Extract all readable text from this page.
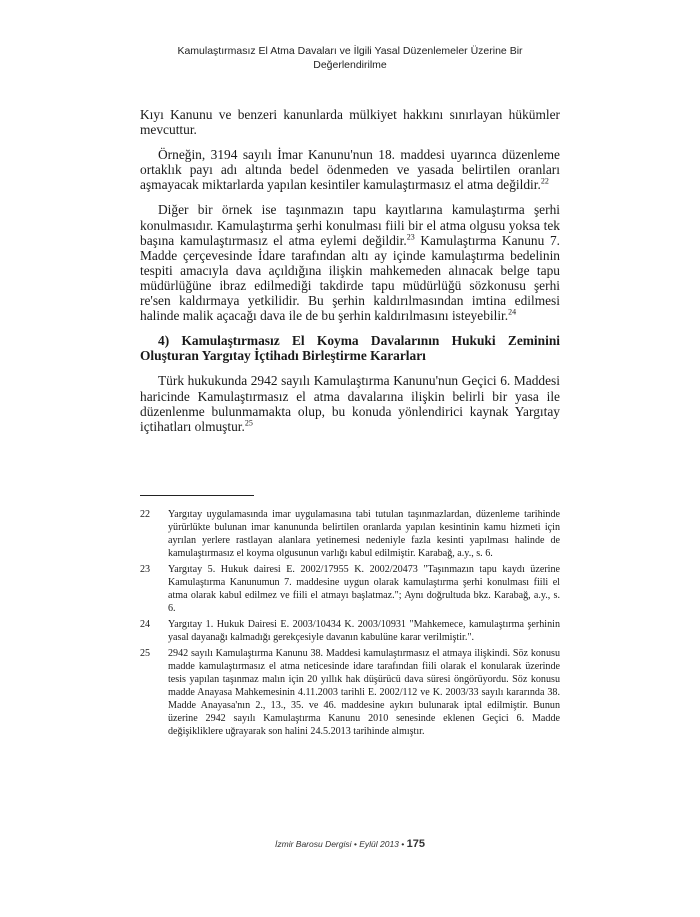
Kamulaştırmasız El Atma Davaları ve İlgili Yasal Düzenlemeler Üzerine Bir Değerlendirilme

Kıyı Kanunu ve benzeri kanunlarda mülkiyet hakkını sınırlayan hükümler mevcuttur.

Örneğin, 3194 sayılı İmar Kanunu'nun 18. maddesi uyarınca düzenleme ortaklık payı adı altında bedel ödenmeden ve yasada belirtilen oranları aşmayacak miktarlarda yapılan kesintiler kamulaştırmasız el atma değildir.$^{22}$

Diğer bir örnek ise taşınmazın tapu kayıtlarına kamulaştırma şerhi konulmasıdır. Kamulaştırma şerhi konulması fiili bir el atma olgusu yoksa tek başına kamulaştırmasız el atma eylemi değildir.$^{23}$ Kamulaştırma Kanunu 7. Madde çerçevesinde İdare tarafından altı ay içinde kamulaştırma bedelinin tespiti amacıyla dava açıldığına ilişkin mahkemeden alınacak belge tapu müdürlüğüne ibraz edilmediği takdirde tapu müdürlüğü sözkonusu şerhi re'sen kaldırmaya yetkilidir. Bu şerhin kaldırılmasından imtina edilmesi halinde malik açacağı dava ile de bu şerhin kaldırılmasını isteyebilir.$^{24}$

4) Kamulaştırmasız El Koyma Davalarının Hukuki Zeminini Oluşturan Yargıtay İçtihadı Birleştirme Kararları

Türk hukukunda 2942 sayılı Kamulaştırma Kanunu'nun Geçici 6. Maddesi haricinde Kamulaştırmasız el atma davalarına ilişkin belirli bir yasa ile düzenlenme bulunmamakta olup, bu konuda yönlendirici kaynak Yargıtay içtihatları olmuştur.$^{25}$

22	Yargıtay uygulamasında imar uygulamasına tabi tutulan taşınmazlardan, düzenleme tarihinde yürürlükte bulunan imar kanununda belirtilen oranlarda yapılan kesintinin kamu hizmeti için ayrılan yerlere rastlayan alanlara yetinemesi nedeniyle fazla kesinti yapılması halinde de kamulaştırmasız el koyma olgusunun varlığı kabul edilmiştir. Karabağ, a.y., s. 6.
23	Yargıtay 5. Hukuk dairesi E. 2002/17955 K. 2002/20473 "Taşınmazın tapu kaydı üzerine Kamulaştırma Kanunumun 7. maddesine uygun olarak kamulaştırma şerhi konulması fiili el atma olarak kabul edilmez ve fiili el atmayı başlatmaz."; Aynı doğrultuda bkz. Karabağ, a.y., s. 6.
24	Yargıtay 1. Hukuk Dairesi E. 2003/10434 K. 2003/10931 "Mahkemece, kamulaştırma şerhinin yasal dayanağı kalmadığı gerekçesiyle davanın kabulüne karar verilmiştir.".
25	2942 sayılı Kamulaştırma Kanunu 38. Maddesi kamulaştırmasız el atmaya ilişkindi. Söz konusu madde kamulaştırmasız el atma neticesinde idare tarafından fiili olarak el konularak üzerinde tesis yapılan taşınmaz malın için 20 yıllık hak düşürücü dava süresi öngörüyordu. Söz konusu madde Anayasa Mahkemesinin 4.11.2003 tarihli E. 2002/112 ve K. 2003/33 sayılı kararında 38. Madde Anayasa'nın 2., 13., 35. ve 46. maddesine aykırı bulunarak iptal edilmiştir. Bunun üzerine 2942 sayılı Kamulaştırma Kanunu 2010 senesinde eklenen Geçici 6. Madde değişikliklere uğrayarak son halini 24.5.2013 tarihinde almıştır.
İzmir Barosu Dergisi • Eylül 2013 • 175
